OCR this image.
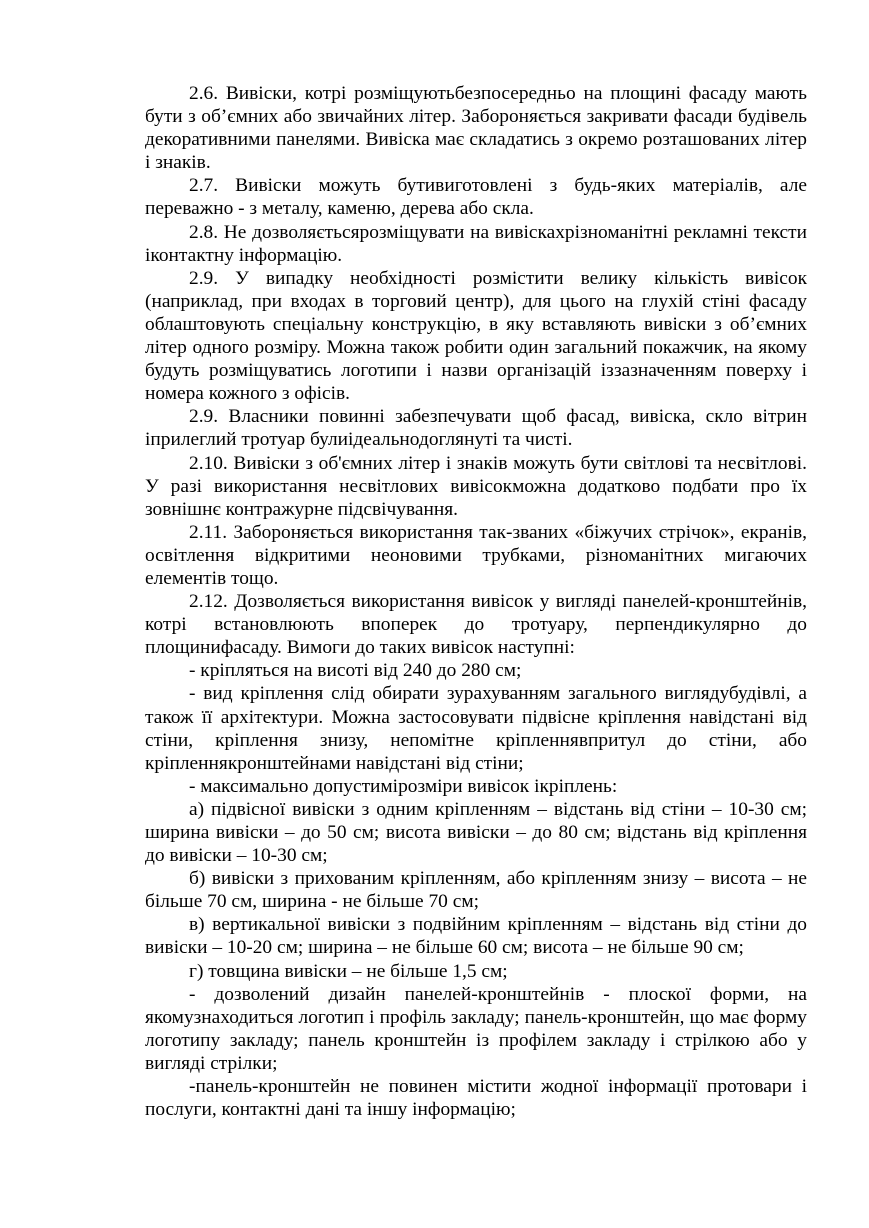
2.6. Вивіски, котрі розміщуютьбезпосередньо на площині фасаду мають бути з об’ємних або звичайних літер. Забороняється закривати фасади будівель декоративними панелями. Вивіска має складатись з окремо розташованих літер і знаків.

2.7. Вивіски можуть бутивиготовлені з будь-яких матеріалів, але переважно - з металу, каменю, дерева або скла.

2.8. Не дозволяєтьсярозміщувати на вивіскахрізноманітні рекламні тексти іконтактну інформацію.

2.9. У випадку необхідності розмістити велику кількість вивісок (наприклад, при входах в торговий центр), для цього на глухій стіні фасаду облаштовують спеціальну конструкцію, в яку вставляють вивіски з об’ємних літер одного розміру. Можна також робити один загальний покажчик, на якому будуть розміщуватись логотипи і назви організацій іззазначенням поверху і номера кожного з офісів.

2.9. Власники повинні забезпечувати щоб фасад, вивіска, скло вітрин іприлеглий тротуар булиідеальнодоглянуті та чисті.

2.10. Вивіски з об'ємних літер і знаків можуть бути світлові та несвітлові. У разі використання несвітлових вивісокможна додатково подбати про їх зовнішнє контражурне підсвічування.

2.11. Забороняється використання так-званих «біжучих стрічок», екранів, освітлення відкритими неоновими трубками, різноманітних мигаючих елементів тощо.

2.12. Дозволяється використання вивісок у вигляді панелей-кронштейнів, котрі встановлюють впоперек до тротуару, перпендикулярно до площинифасаду. Вимоги до таких вивісок наступні:

- кріпляться на висоті від 240 до 280 см;

- вид кріплення слід обирати зурахуванням загального виглядубудівлі, а також її архітектури. Можна застосовувати підвісне кріплення навідстані від стіни, кріплення знизу, непомітне кріпленнявпритул до стіни, або кріпленнякронштейнами навідстані від стіни;

- максимально допустимірозміри вивісок ікріплень:

а) підвісної вивіски з одним кріпленням – відстань від стіни – 10-30 см; ширина вивіски – до 50 см; висота вивіски – до 80 см; відстань від кріплення до вивіски – 10-30 см;

б) вивіски з прихованим кріпленням, або кріпленням знизу – висота – не більше 70 см, ширина - не більше 70 см;

в) вертикальної вивіски з подвійним кріпленням – відстань від стіни до вивіски – 10-20 см; ширина – не більше 60 см; висота – не більше 90 см;

г) товщина вивіски – не більше 1,5 см;

- дозволений дизайн панелей-кронштейнів - плоскої форми, на якомузнаходиться логотип і профіль закладу; панель-кронштейн, що має форму логотипу закладу; панель кронштейн із профілем закладу і стрілкою або у вигляді стрілки;

-панель-кронштейн не повинен містити жодної інформації протовари і послуги, контактні дані та іншу інформацію;
